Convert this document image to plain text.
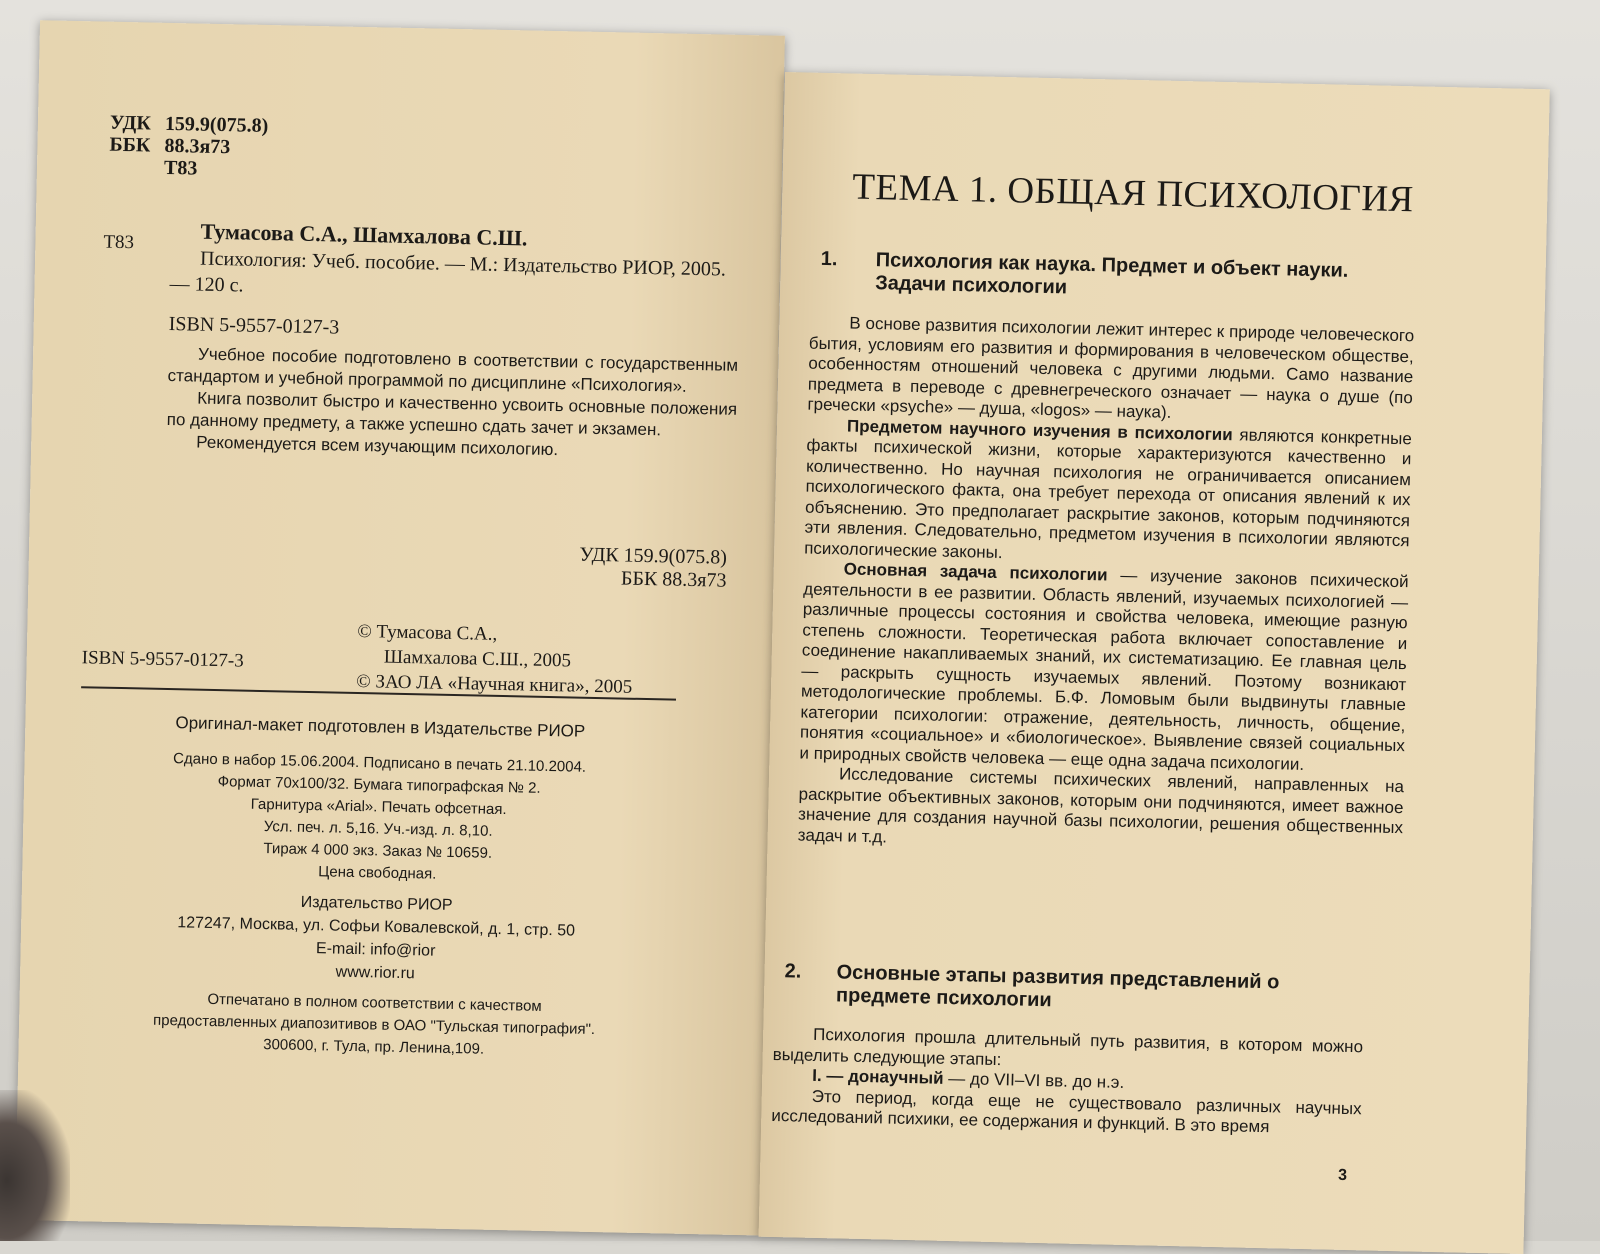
УДК 159.9(075.8)
ББК 88.3я73
Т83
Т83	Тумасова С.А., Шамхалова С.Ш.
Психология: Учеб. пособие. — М.: Издательство РИОР, 2005. — 120 с.
ISBN 5-9557-0127-3

Учебное пособие подготовлено в соответствии с государственным стандартом и учебной программой по дисциплине «Психология».

Книга позволит быстро и качественно усвоить основные положения по данному предмету, а также успешно сдать зачет и экзамен.

Рекомендуется всем изучающим психологию.

УДК 159.9(075.8)
ББК 88.3я73
© Тумасова С.А.,
Шамхалова С.Ш., 2005
© ЗАО ЛА «Научная книга», 2005
ISBN 5-9557-0127-3
Оригинал-макет подготовлен в Издательстве РИОР
Сдано в набор 15.06.2004. Подписано в печать 21.10.2004.
Формат 70х100/32. Бумага типографская № 2.
Гарнитура «Arial». Печать офсетная.
Усл. печ. л. 5,16. Уч.-изд. л. 8,10.
Тираж 4 000 экз. Заказ № 10659.
Цена свободная.
Издательство РИОР
127247, Москва, ул. Софьи Ковалевской, д. 1, стр. 50
E-mail: info@rior
www.rior.ru
Отпечатано в полном соответствии с качеством
предоставленных диапозитивов в ОАО "Тульская типография".
300600, г. Тула, пр. Ленина,109.
ТЕМА 1. ОБЩАЯ ПСИХОЛОГИЯ
1. Психология как наука. Предмет и объект науки. Задачи психологии

В основе развития психологии лежит интерес к природе человеческого бытия, условиям его развития и формирования в человеческом обществе, особенностям отношений человека с другими людьми. Само название предмета в переводе с древнегреческого означает — наука о душе (по гречески «psyche» — душа, «logos» — наука).

Предметом научного изучения в психологии являются конкретные факты психической жизни, которые характеризуются качественно и количественно. Но научная психология не ограничивается описанием психологического факта, она требует перехода от описания явлений к их объяснению. Это предполагает раскрытие законов, которым подчиняются эти явления. Следовательно, предметом изучения в психологии являются психологические законы.

Основная задача психологии — изучение законов психической деятельности в ее развитии. Область явлений, изучаемых психологией — различные процессы состояния и свойства человека, имеющие разную степень сложности. Теоретическая работа включает сопоставление и соединение накапливаемых знаний, их систематизацию. Ее главная цель — раскрыть сущность изучаемых явлений. Поэтому возникают методологические проблемы. Б.Ф. Ломовым были выдвинуты главные категории психологии: отражение, деятельность, личность, общение, понятия «социальное» и «биологическое». Выявление связей социальных и природных свойств человека — еще одна задача психологии.

Исследование системы психических явлений, направленных на раскрытие объективных законов, которым они подчиняются, имеет важное значение для создания научной базы психологии, решения общественных задач и т.д.

2. Основные этапы развития представлений о предмете психологии

Психология прошла длительный путь развития, в котором можно выделить следующие этапы:

I. — донаучный — до VII–VI вв. до н.э.

Это период, когда еще не существовало различных научных исследований психики, ее содержания и функций. В это время

3
